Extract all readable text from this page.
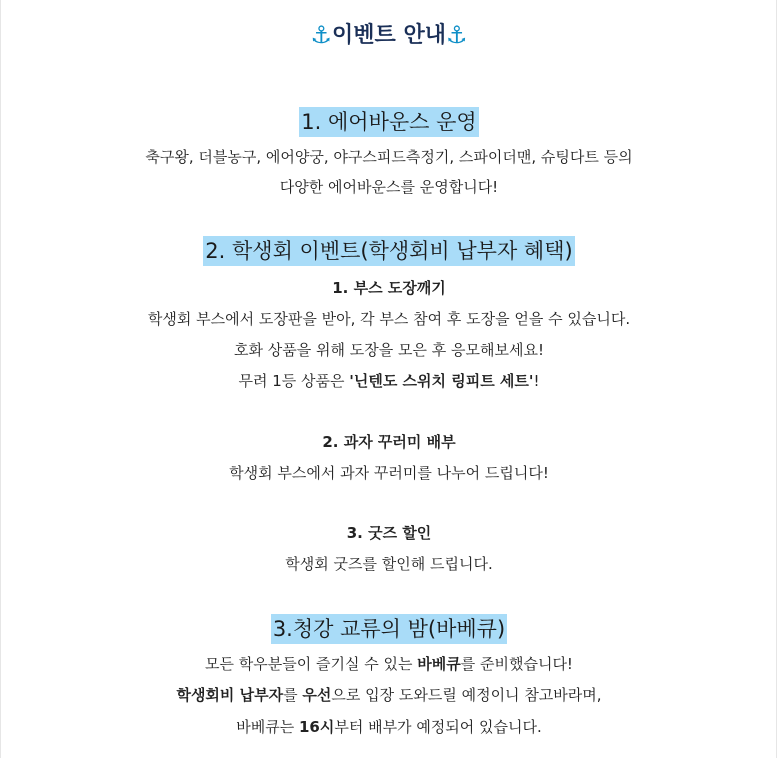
⚓이벤트 안내⚓
1. 에어바운스 운영
축구왕, 더블농구, 에어양궁, 야구스피드측정기, 스파이더맨, 슈팅다트 등의
다양한 에어바운스를 운영합니다!
2. 학생회 이벤트(학생회비 납부자 혜택)
1. 부스 도장깨기
학생회 부스에서 도장판을 받아, 각 부스 참여 후 도장을 얻을 수 있습니다.
호화 상품을 위해 도장을 모은 후 응모해보세요!
무려 1등 상품은 '닌텐도 스위치 링피트 세트'!
2. 과자 꾸러미 배부
학생회 부스에서 과자 꾸러미를 나누어 드립니다!
3. 굿즈 할인
학생회 굿즈를 할인해 드립니다.
3.청강 교류의 밤(바베큐)
모든 학우분들이 즐기실 수 있는 바베큐를 준비했습니다!
학생회비 납부자를 우선으로 입장 도와드릴 예정이니 참고바라며,
바베큐는 16시부터 배부가 예정되어 있습니다.
